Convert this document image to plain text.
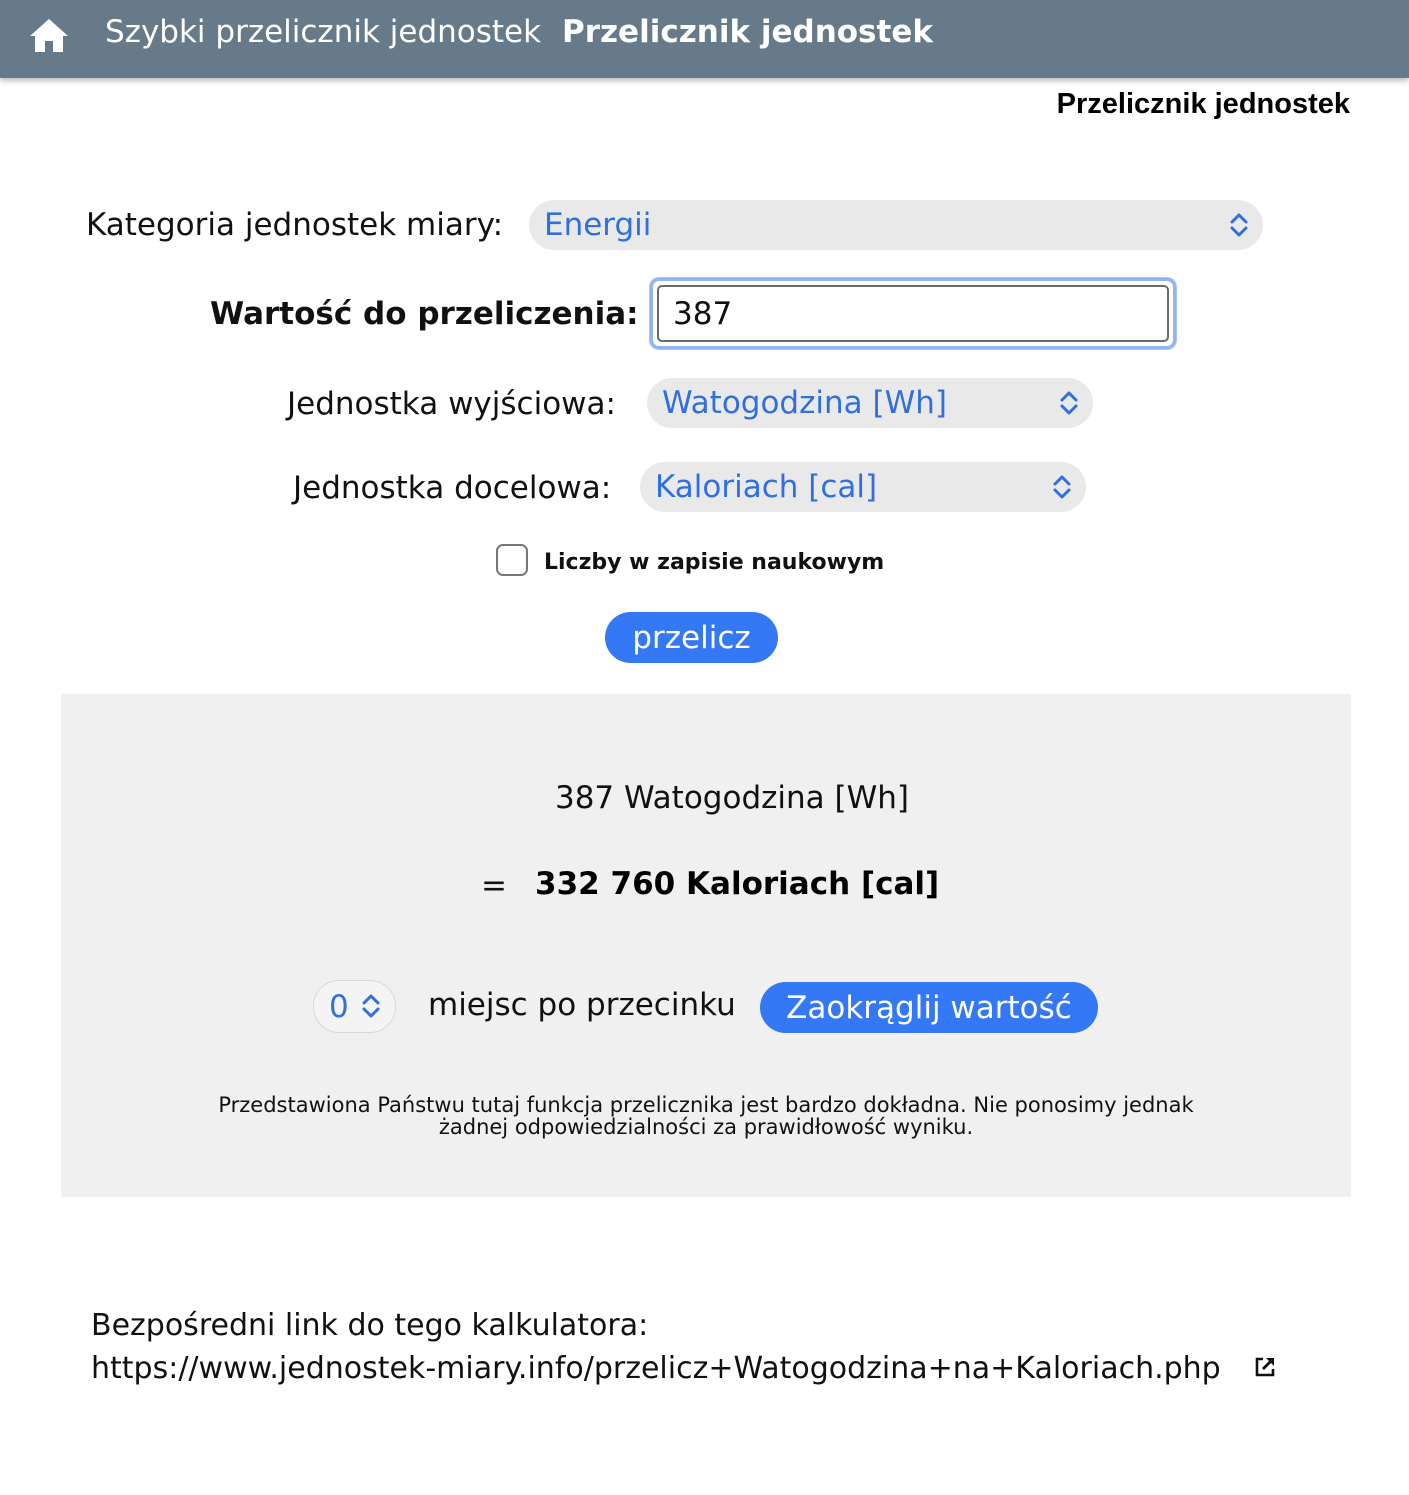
Szybki przelicznik jednostek Przelicznik jednostek
Przelicznik jednostek
Kategoria jednostek miary: Energii
Wartość do przeliczenia:	387
Jednostka wyjściowa: Watogodzina [Wh]
Jednostka docelowa: Kaloriach [cal]
Liczby w zapisie naukowym
przelicz
387 Watogodzina [Wh]
= 332 760 Kaloriach [cal]
0	miejsc po przecinku	Zaokrąglij wartość
Przedstawiona Państwu tutaj funkcja przelicznika jest bardzo dokładna. Nie ponosimy jednak
żadnej odpowiedzialności za prawidłowość wyniku.
Bezpośredni link do tego kalkulatora:
https://www.jednostek-miary.info/przelicz+Watogodzina+na+Kaloriach.php
